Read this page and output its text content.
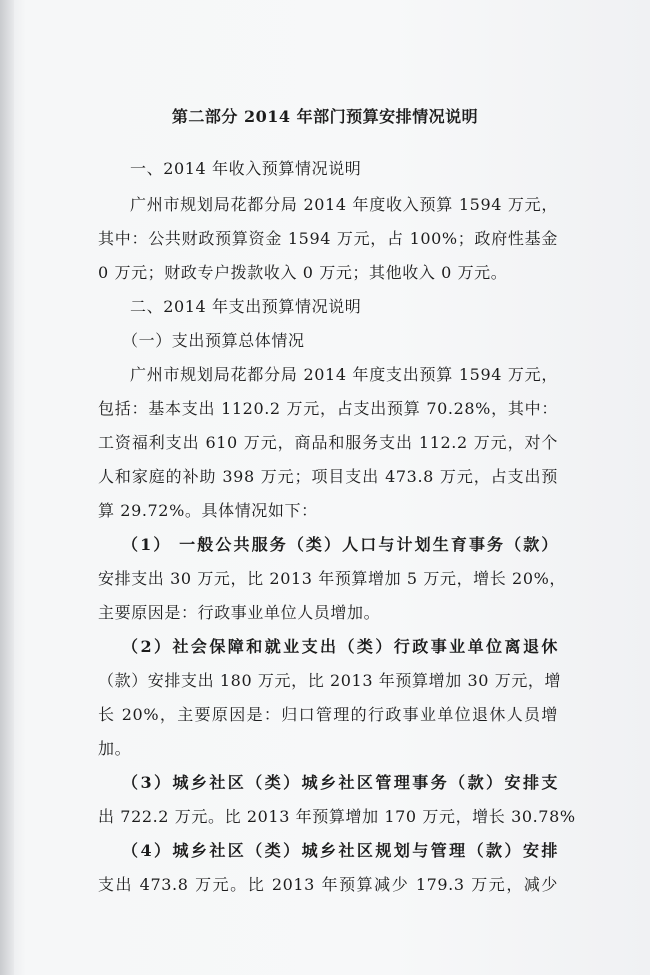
第二部分 2014 年部门预算安排情况说明
一、2014 年收入预算情况说明
广州市规划局花都分局 2014 年度收入预算 1594 万元，
其中：公共财政预算资金 1594 万元，占 100%；政府性基金
0 万元；财政专户拨款收入 0 万元；其他收入 0 万元。
二、2014 年支出预算情况说明
（一）支出预算总体情况
广州市规划局花都分局 2014 年度支出预算 1594 万元，
包括：基本支出 1120.2 万元，占支出预算 70.28%，其中：
工资福利支出 610 万元，商品和服务支出 112.2 万元，对个
人和家庭的补助 398 万元；项目支出 473.8 万元，占支出预
算 29.72%。具体情况如下：
（1） 一般公共服务（类）人口与计划生育事务（款）
安排支出 30 万元，比 2013 年预算增加 5 万元，增长 20%，
主要原因是：行政事业单位人员增加。
（2）社会保障和就业支出（类）行政事业单位离退休
（款）安排支出 180 万元，比 2013 年预算增加 30 万元，增
长 20%，主要原因是：归口管理的行政事业单位退休人员增
加。
（3）城乡社区（类）城乡社区管理事务（款）安排支
出 722.2 万元。比 2013 年预算增加 170 万元，增长 30.78%
（4）城乡社区（类）城乡社区规划与管理（款）安排
支出 473.8 万元。比 2013 年预算减少 179.3 万元，减少
